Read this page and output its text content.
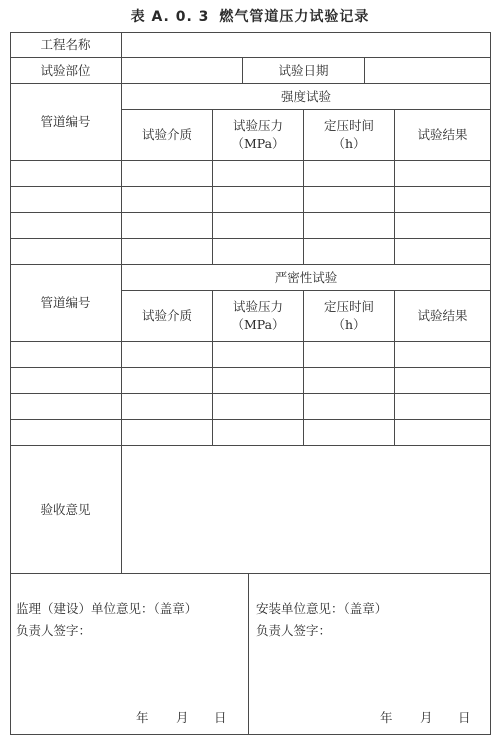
表 A. 0. 3 燃气管道压力试验记录
工程名称
试验部位	试验日期
管道编号
强度试验
试验介质
试验压力
（MPa）
定压时间
（h）
试验结果
管道编号
严密性试验
试验介质
试验压力
（MPa）
定压时间
（h）
试验结果
验收意见
监理（建设）单位意见：（盖章）
负责人签字：
年 月 日
安装单位意见：（盖章）
负责人签字：
年 月 日
